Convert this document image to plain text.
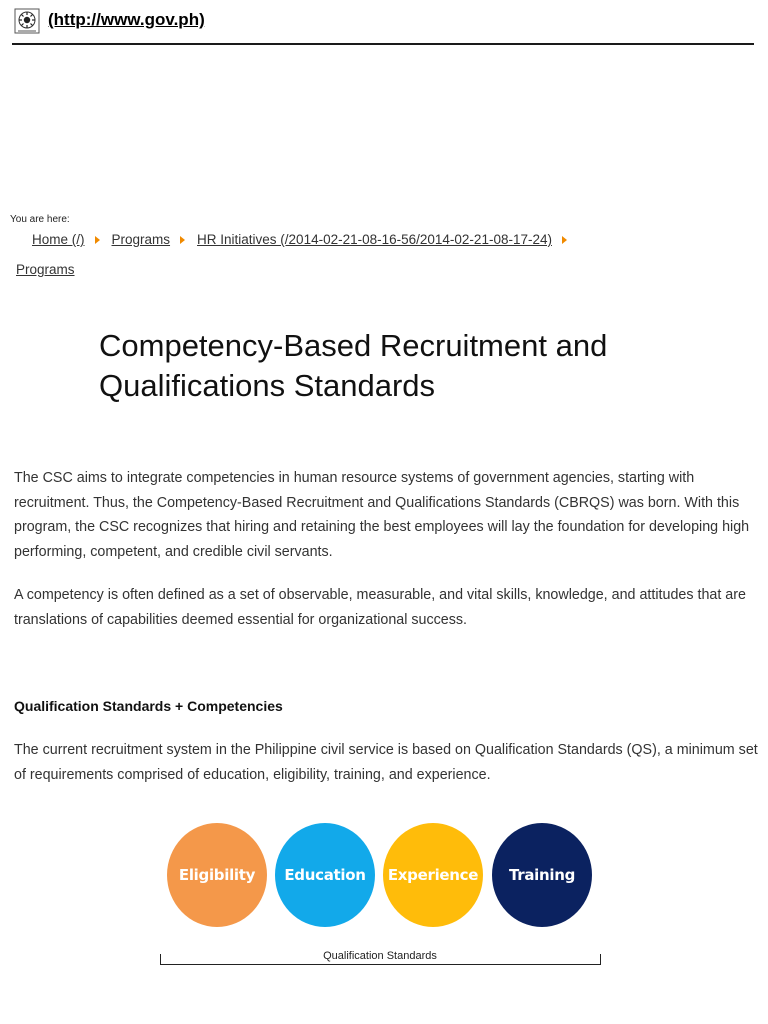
(http://www.gov.ph)
You are here:
Home (/) Programs HR Initiatives (/2014-02-21-08-16-56/2014-02-21-08-17-24)
Programs
Competency-Based Recruitment and Qualifications Standards

The CSC aims to integrate competencies in human resource systems of government agencies, starting with recruitment. Thus, the Competency-Based Recruitment and Qualifications Standards (CBRQS) was born. With this program, the CSC recognizes that hiring and retaining the best employees will lay the foundation for developing high performing, competent, and credible civil servants.

A competency is often defined as a set of observable, measurable, and vital skills, knowledge, and attitudes that are translations of capabilities deemed essential for organizational success.

Qualification Standards + Competencies

The current recruitment system in the Philippine civil service is based on Qualification Standards (QS), a minimum set of requirements comprised of education, eligibility, training, and experience.

Eligibility	Education	Experience	Training
Qualification Standards
